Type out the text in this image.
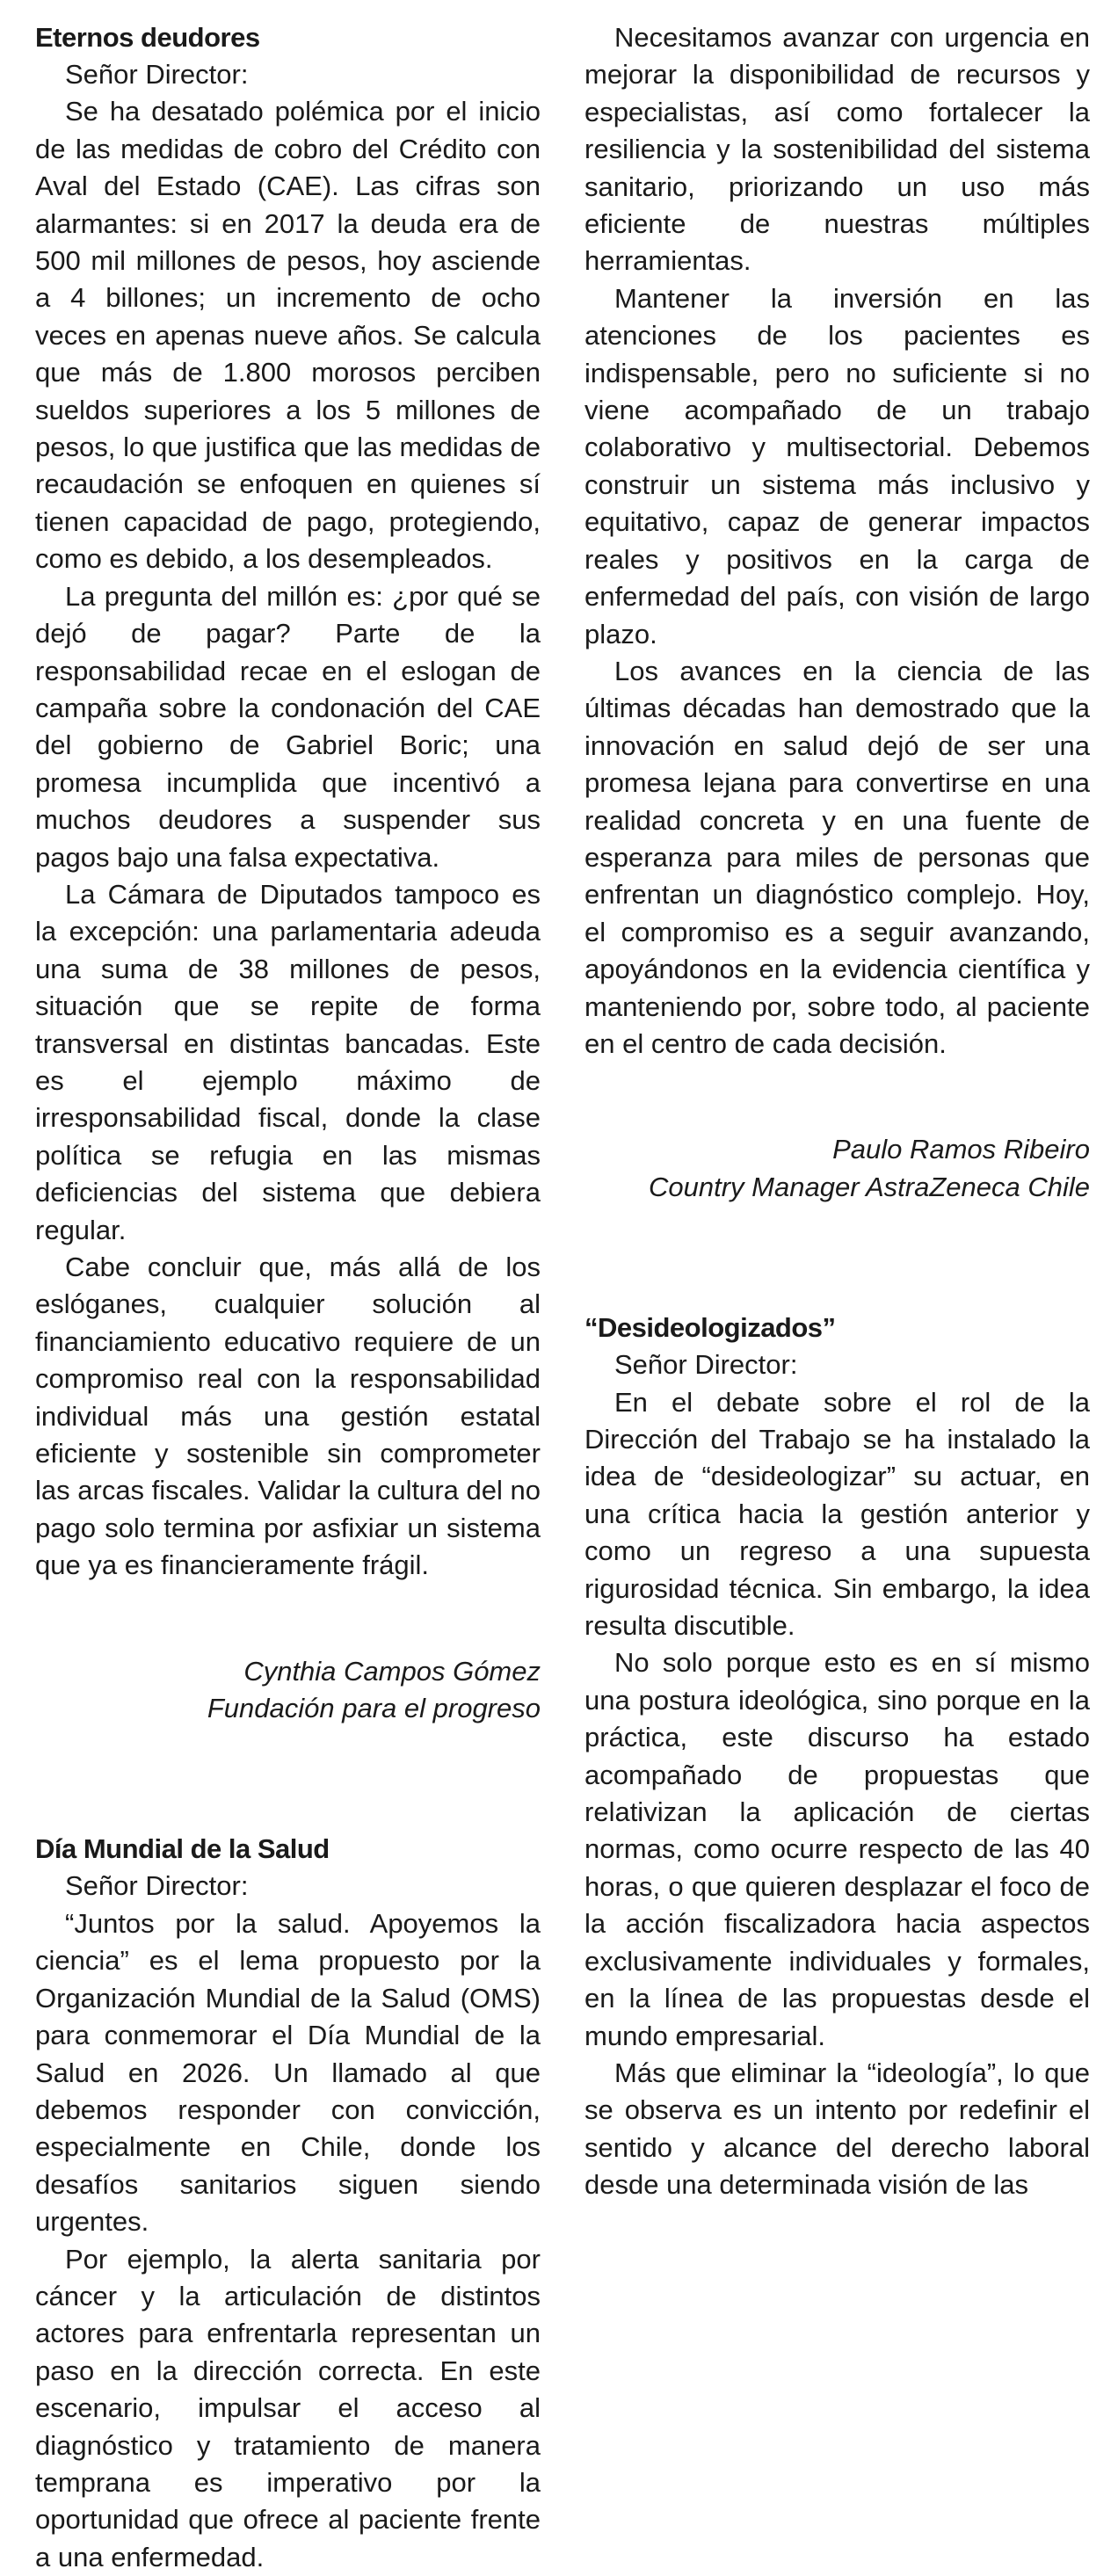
Eternos deudores

Señor Director:

Se ha desatado polémica por el inicio de las medidas de cobro del Crédito con Aval del Estado (CAE). Las cifras son alarmantes: si en 2017 la deuda era de 500 mil millones de pesos, hoy asciende a 4 billones; un incremento de ocho veces en apenas nueve años. Se calcula que más de 1.800 morosos perciben sueldos superiores a los 5 millones de pesos, lo que justifica que las medidas de recaudación se enfoquen en quienes sí tienen capacidad de pago, protegiendo, como es debido, a los desempleados.

La pregunta del millón es: ¿por qué se dejó de pagar? Parte de la responsabilidad recae en el eslogan de campaña sobre la condonación del CAE del gobierno de Gabriel Boric; una promesa incumplida que incentivó a muchos deudores a suspender sus pagos bajo una falsa expectativa.

La Cámara de Diputados tampoco es la excepción: una parlamentaria adeuda una suma de 38 millones de pesos, situación que se repite de forma transversal en distintas bancadas. Este es el ejemplo máximo de irresponsabilidad fiscal, donde la clase política se refugia en las mismas deficiencias del sistema que debiera regular.

Cabe concluir que, más allá de los eslóganes, cualquier solución al financiamiento educativo requiere de un compromiso real con la responsabilidad individual más una gestión estatal eficiente y sostenible sin comprometer las arcas fiscales. Validar la cultura del no pago solo termina por asfixiar un sistema que ya es financieramente frágil.

Cynthia Campos Gómez

Fundación para el progreso

Día Mundial de la Salud

Señor Director:

“Juntos por la salud. Apoyemos la ciencia” es el lema propuesto por la Organización Mundial de la Salud (OMS) para conmemorar el Día Mundial de la Salud en 2026. Un llamado al que debemos responder con convicción, especialmente en Chile, donde los desafíos sanitarios siguen siendo urgentes.

Por ejemplo, la alerta sanitaria por cáncer y la articulación de distintos actores para enfrentarla representan un paso en la dirección correcta. En este escenario, impulsar el acceso al diagnóstico y tratamiento de manera temprana es imperativo por la oportunidad que ofrece al paciente frente a una enfermedad.

Necesitamos avanzar con urgencia en mejorar la disponibilidad de recursos y especialistas, así como fortalecer la resiliencia y la sostenibilidad del sistema sanitario, priorizando un uso más eficiente de nuestras múltiples herramientas.

Mantener la inversión en las atenciones de los pacientes es indispensable, pero no suficiente si no viene acompañado de un trabajo colaborativo y multisectorial. Debemos construir un sistema más inclusivo y equitativo, capaz de generar impactos reales y positivos en la carga de enfermedad del país, con visión de largo plazo.

Los avances en la ciencia de las últimas décadas han demostrado que la innovación en salud dejó de ser una promesa lejana para convertirse en una realidad concreta y en una fuente de esperanza para miles de personas que enfrentan un diagnóstico complejo. Hoy, el compromiso es a seguir avanzando, apoyándonos en la evidencia científica y manteniendo por, sobre todo, al paciente en el centro de cada decisión.

Paulo Ramos Ribeiro

Country Manager AstraZeneca Chile

“Desideologizados”

Señor Director:

En el debate sobre el rol de la Dirección del Trabajo se ha instalado la idea de “desideologizar” su actuar, en una crítica hacia la gestión anterior y como un regreso a una supuesta rigurosidad técnica. Sin embargo, la idea resulta discutible.

No solo porque esto es en sí mismo una postura ideológica, sino porque en la práctica, este discurso ha estado acompañado de propuestas que relativizan la aplicación de ciertas normas, como ocurre respecto de las 40 horas, o que quieren desplazar el foco de la acción fiscalizadora hacia aspectos exclusivamente individuales y formales, en la línea de las propuestas desde el mundo empresarial.

Más que eliminar la “ideología”, lo que se observa es un intento por redefinir el sentido y alcance del derecho laboral desde una determinada visión de las
